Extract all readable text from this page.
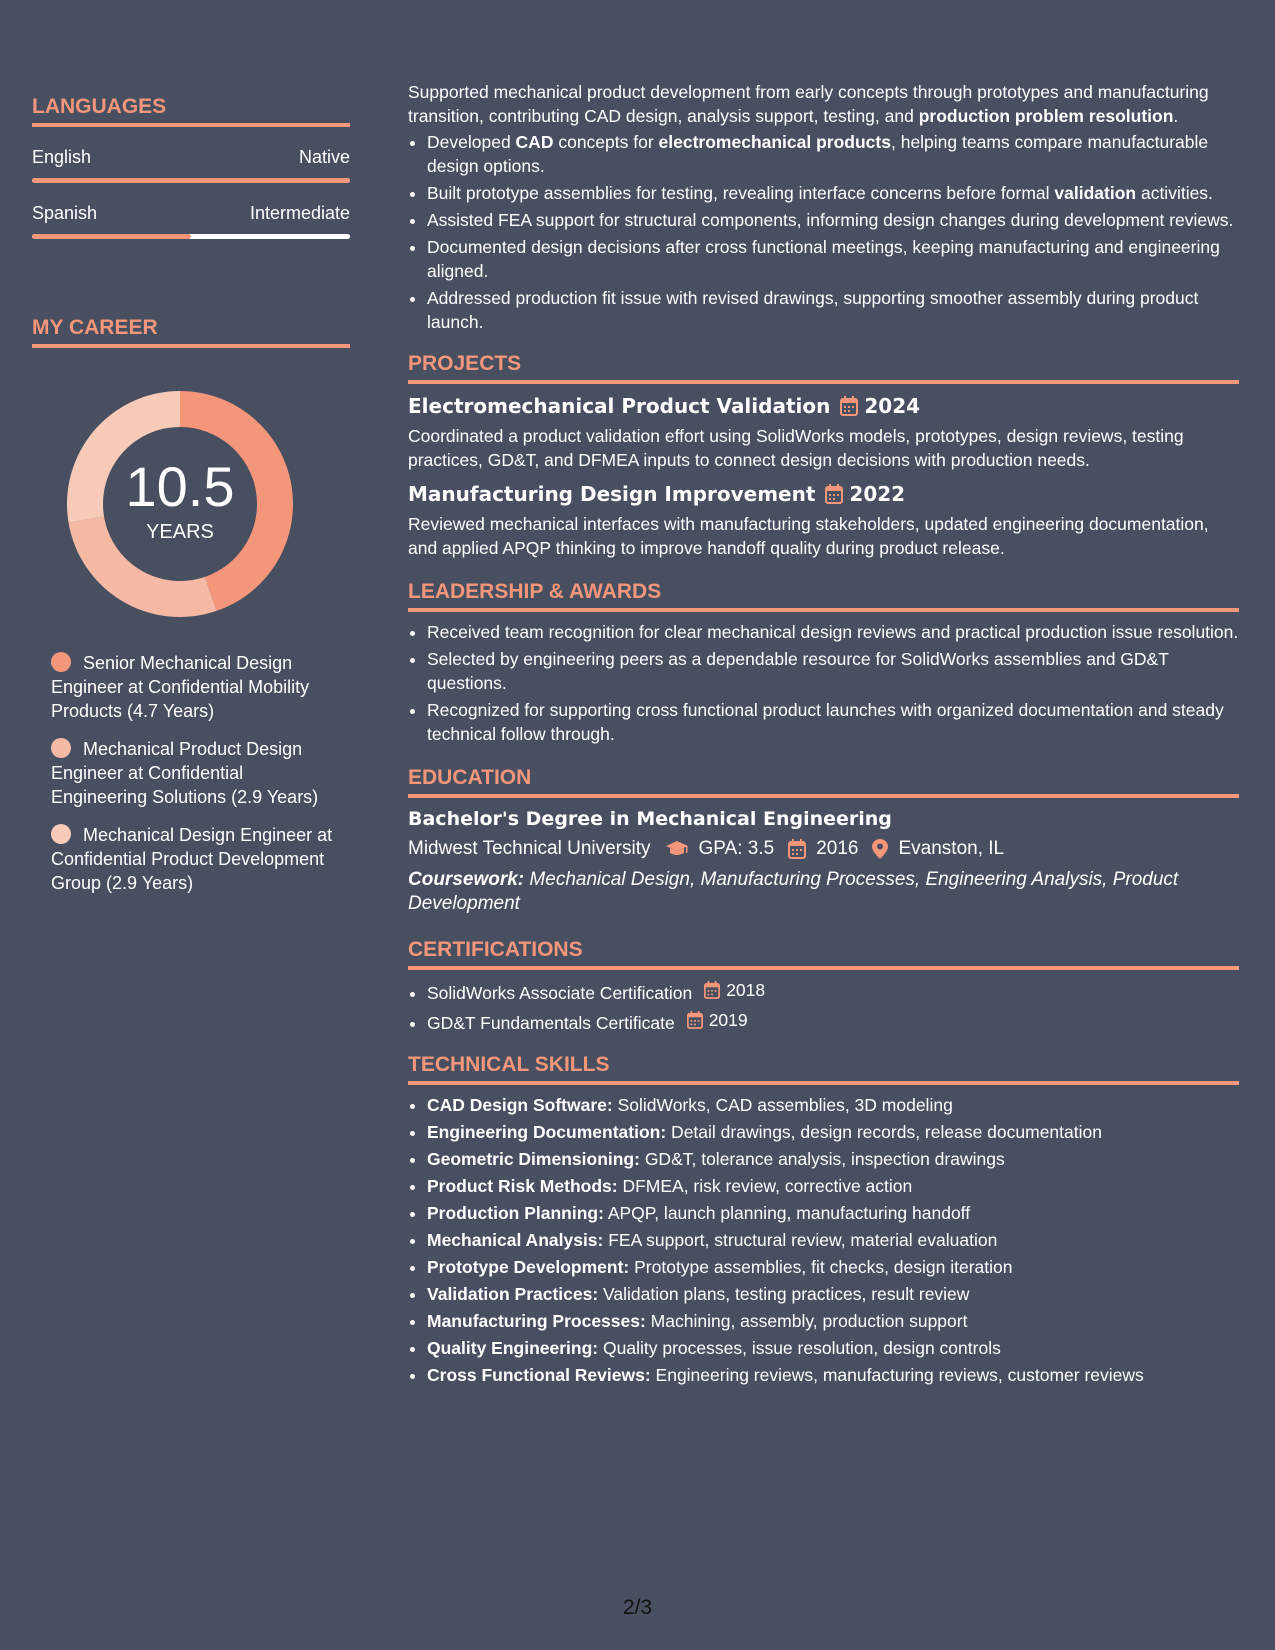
LANGUAGES
English	Native
Spanish	Intermediate
MY CAREER
10.5
YEARS
Senior Mechanical Design Engineer at Confidential Mobility Products (4.7 Years)
Mechanical Product Design Engineer at Confidential Engineering Solutions (2.9 Years)
Mechanical Design Engineer at Confidential Product Development Group (2.9 Years)

Supported mechanical product development from early concepts through prototypes and manufacturing transition, contributing CAD design, analysis support, testing, and production problem resolution.

• Developed CAD concepts for electromechanical products, helping teams compare manufacturable design options.
• Built prototype assemblies for testing, revealing interface concerns before formal validation activities.
• Assisted FEA support for structural components, informing design changes during development reviews.
• Documented design decisions after cross functional meetings, keeping manufacturing and engineering aligned.
• Addressed production fit issue with revised drawings, supporting smoother assembly during product launch.
PROJECTS
Electromechanical Product Validation 2024
Coordinated a product validation effort using SolidWorks models, prototypes, design reviews, testing practices, GD&T, and DFMEA inputs to connect design decisions with production needs.
Manufacturing Design Improvement 2022
Reviewed mechanical interfaces with manufacturing stakeholders, updated engineering documentation, and applied APQP thinking to improve handoff quality during product release.
LEADERSHIP & AWARDS
• Received team recognition for clear mechanical design reviews and practical production issue resolution.
• Selected by engineering peers as a dependable resource for SolidWorks assemblies and GD&T questions.
• Recognized for supporting cross functional product launches with organized documentation and steady technical follow through.
EDUCATION
Bachelor's Degree in Mechanical Engineering
Midwest Technical University	GPA: 3.5 2016 Evanston, IL
Coursework: Mechanical Design, Manufacturing Processes, Engineering Analysis, Product Development
CERTIFICATIONS
• SolidWorks Associate Certification 2018
• GD&T Fundamentals Certificate 2019
TECHNICAL SKILLS
• CAD Design Software: SolidWorks, CAD assemblies, 3D modeling
• Engineering Documentation: Detail drawings, design records, release documentation
• Geometric Dimensioning: GD&T, tolerance analysis, inspection drawings
• Product Risk Methods: DFMEA, risk review, corrective action
• Production Planning: APQP, launch planning, manufacturing handoff
• Mechanical Analysis: FEA support, structural review, material evaluation
• Prototype Development: Prototype assemblies, fit checks, design iteration
• Validation Practices: Validation plans, testing practices, result review
• Manufacturing Processes: Machining, assembly, production support
• Quality Engineering: Quality processes, issue resolution, design controls
• Cross Functional Reviews: Engineering reviews, manufacturing reviews, customer reviews
2/3
